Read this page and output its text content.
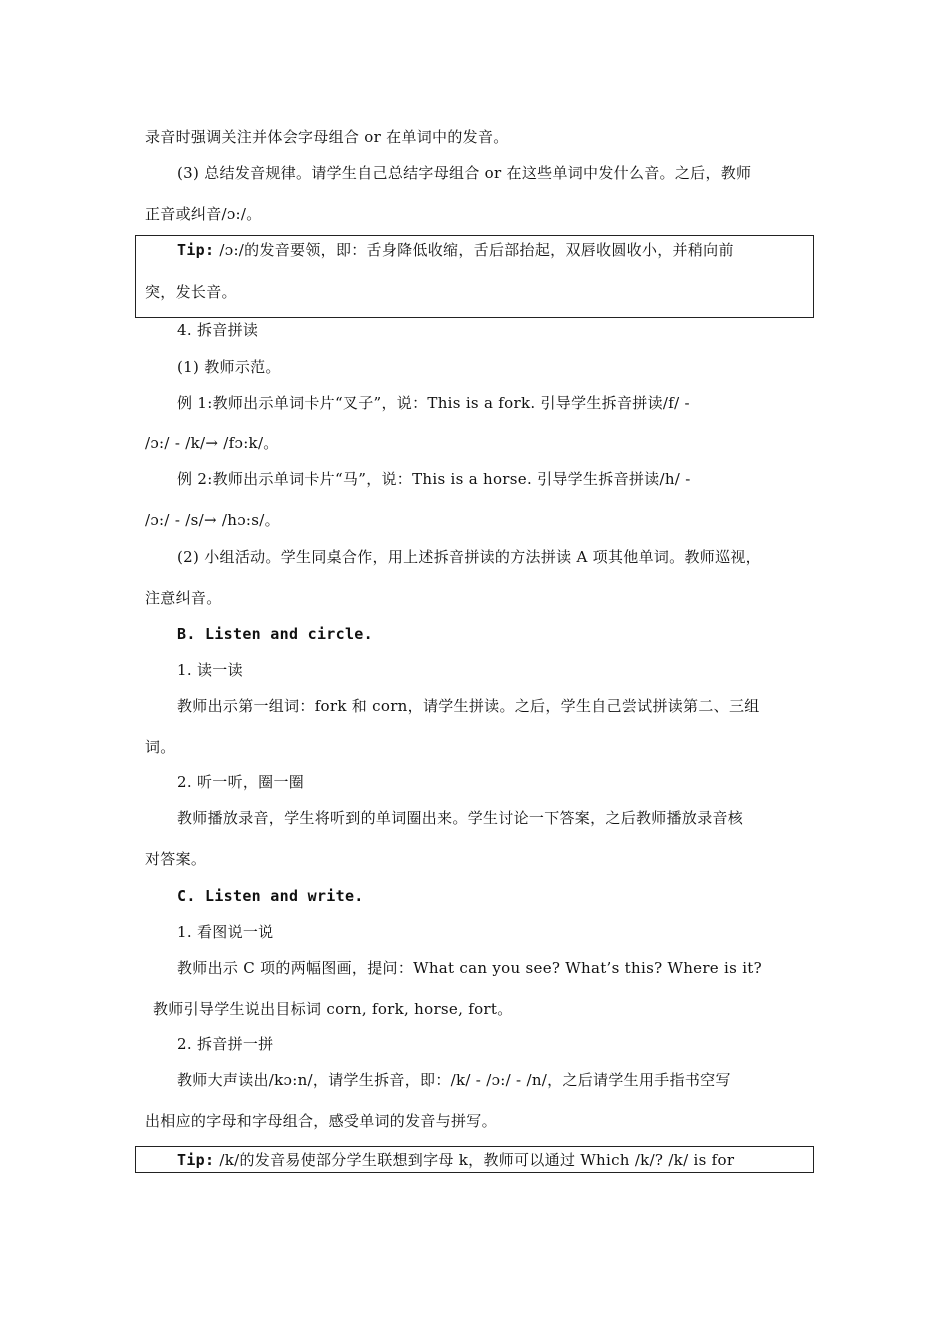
录音时强调关注并体会字母组合 or 在单词中的发音。
(3) 总结发音规律。请学生自己总结字母组合 or 在这些单词中发什么音。之后，教师
正音或纠音/ɔ:/。
Tip: /ɔ:/的发音要领，即：舌身降低收缩，舌后部抬起，双唇收圆收小，并稍向前
突，发长音。
4. 拆音拼读
(1) 教师示范。
例 1:教师出示单词卡片“叉子”，说：This is a fork. 引导学生拆音拼读/f/ -
/ɔ:/ - /k/→ /fɔ:k/。
例 2:教师出示单词卡片“马”，说：This is a horse. 引导学生拆音拼读/h/ -
/ɔ:/ - /s/→ /hɔ:s/。
(2) 小组活动。学生同桌合作，用上述拆音拼读的方法拼读 A 项其他单词。教师巡视，
注意纠音。
B. Listen and circle.
1. 读一读
教师出示第一组词：fork 和 corn，请学生拼读。之后，学生自己尝试拼读第二、三组
词。
2. 听一听，圈一圈
教师播放录音，学生将听到的单词圈出来。学生讨论一下答案，之后教师播放录音核
对答案。
C. Listen and write.
1. 看图说一说
教师出示 C 项的两幅图画，提问：What can you see? What’s this? Where is it?
教师引导学生说出目标词 corn, fork, horse, fort。
2. 拆音拼一拼
教师大声读出/kɔ:n/，请学生拆音，即：/k/ - /ɔ:/ - /n/，之后请学生用手指书空写
出相应的字母和字母组合，感受单词的发音与拼写。
Tip: /k/的发音易使部分学生联想到字母 k，教师可以通过 Which /k/? /k/ is for
